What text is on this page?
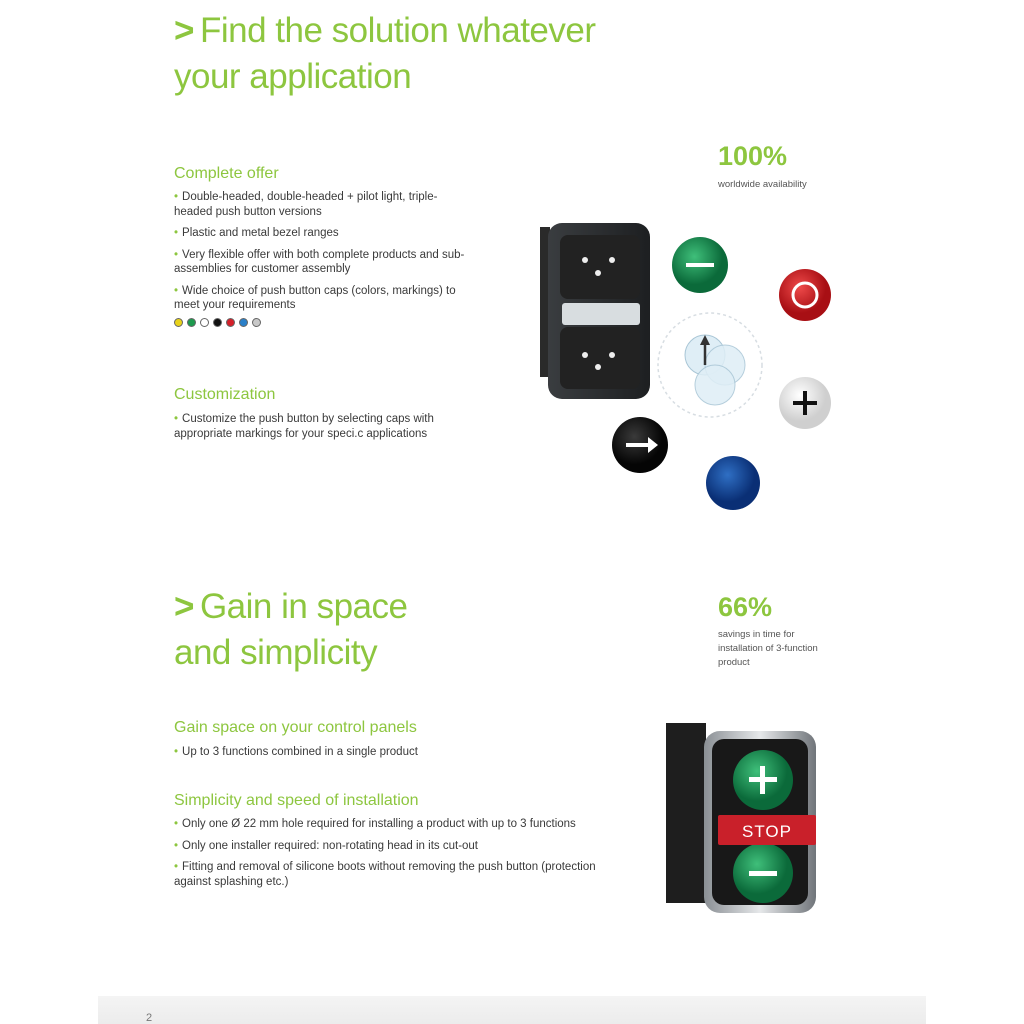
> Find the solution whatever
your application
100%
worldwide availability
Complete offer
• Double-headed, double-headed + pilot light, triple-headed push button versions
• Plastic and metal bezel ranges
• Very flexible offer with both complete products and sub-assemblies for customer assembly
• Wide choice of push button caps (colors, markings) to meet your requirements
Customization
• Customize the push button by selecting caps with appropriate markings for your speci.c applications
> Gain in space
and simplicity
66%
savings in time for installation of 3-function product
Gain space on your control panels
• Up to 3 functions combined in a single product
Simplicity and speed of installation
• Only one Ø 22 mm hole required for installing a product with up to 3 functions
• Only one installer required: non-rotating head in its cut-out
• Fitting and removal of silicone boots without removing the push button (protection against splashing etc.)
STOP
2
